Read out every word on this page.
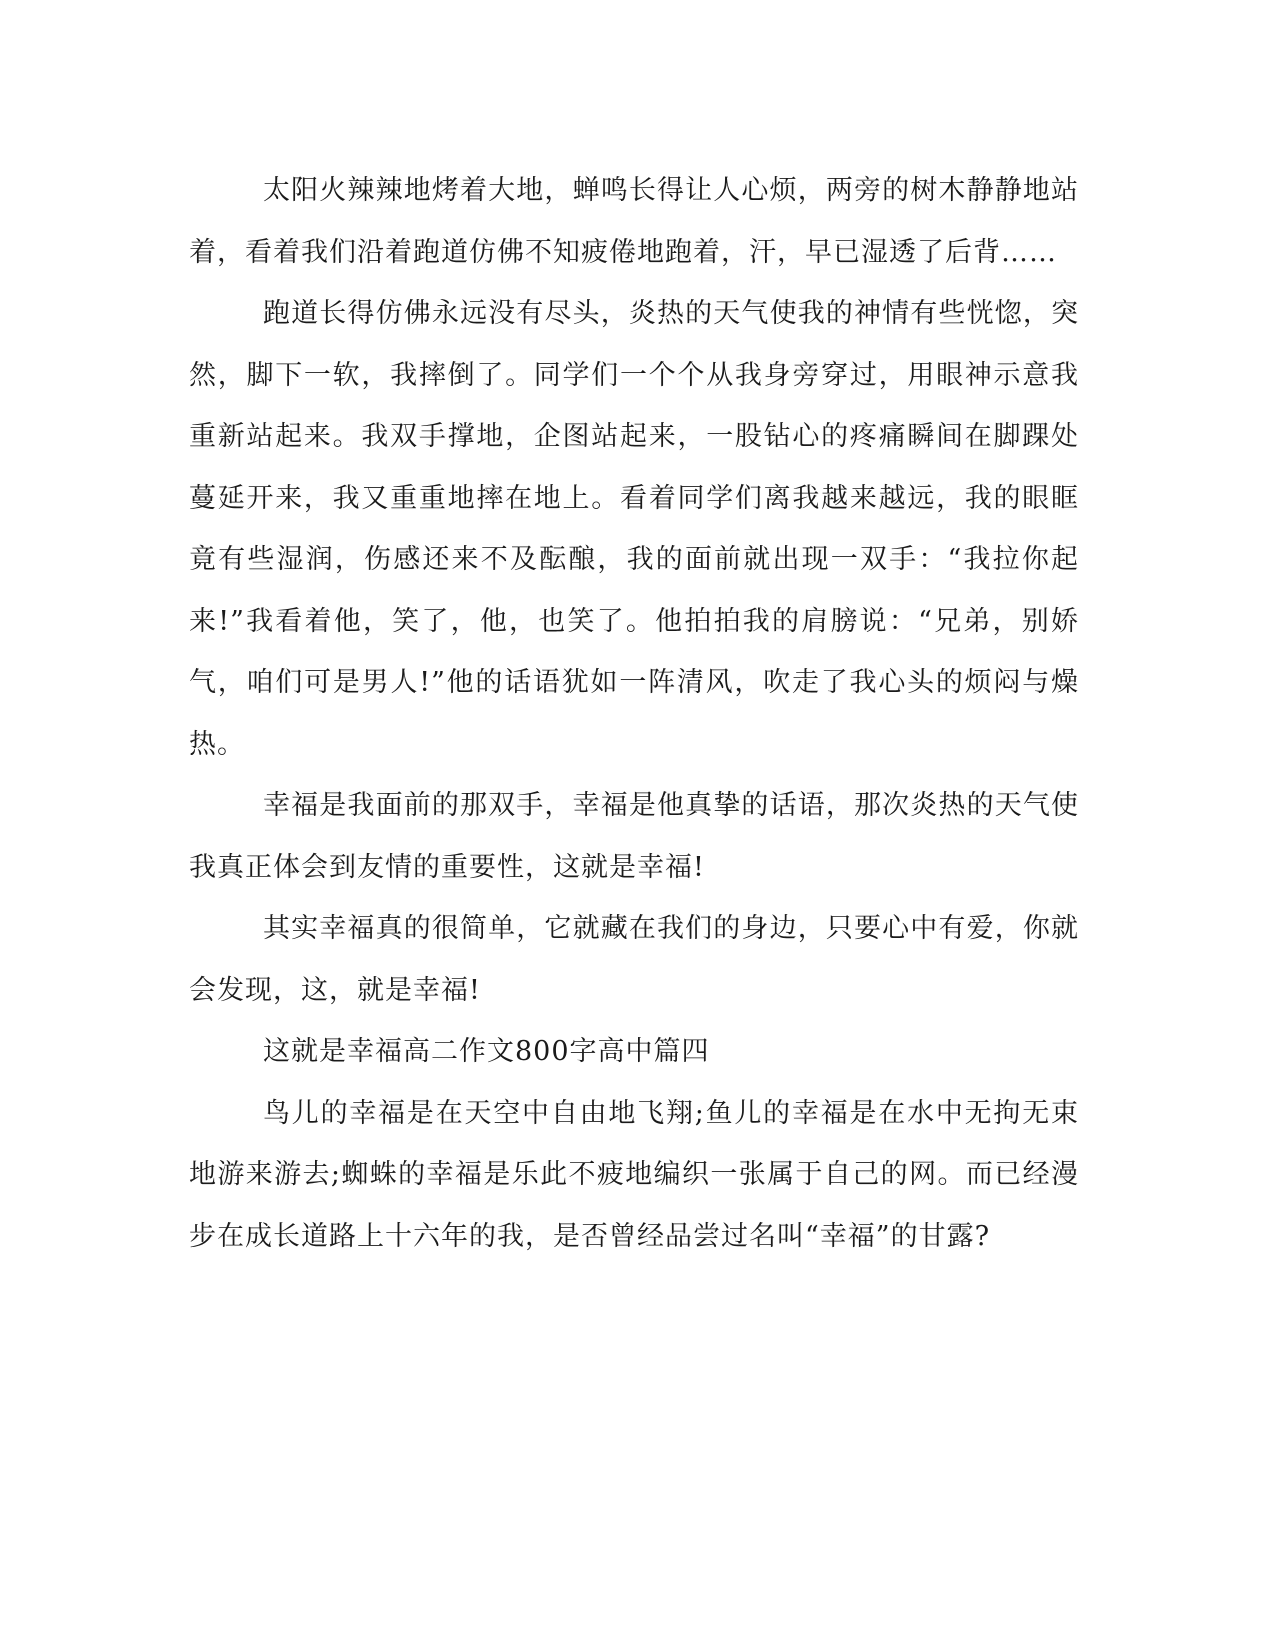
太阳火辣辣地烤着大地，蝉鸣长得让人心烦，两旁的树木静静地站着，看着我们沿着跑道仿佛不知疲倦地跑着，汗，早已湿透了后背……

跑道长得仿佛永远没有尽头，炎热的天气使我的神情有些恍惚，突然，脚下一软，我摔倒了。同学们一个个从我身旁穿过，用眼神示意我重新站起来。我双手撑地，企图站起来，一股钻心的疼痛瞬间在脚踝处蔓延开来，我又重重地摔在地上。看着同学们离我越来越远，我的眼眶竟有些湿润，伤感还来不及酝酿，我的面前就出现一双手：“我拉你起来!”我看着他，笑了，他，也笑了。他拍拍我的肩膀说：“兄弟，别娇气，咱们可是男人!”他的话语犹如一阵清风，吹走了我心头的烦闷与燥热。

幸福是我面前的那双手，幸福是他真挚的话语，那次炎热的天气使我真正体会到友情的重要性，这就是幸福!

其实幸福真的很简单，它就藏在我们的身边，只要心中有爱，你就会发现，这，就是幸福!

这就是幸福高二作文800字高中篇四

鸟儿的幸福是在天空中自由地飞翔;鱼儿的幸福是在水中无拘无束地游来游去;蜘蛛的幸福是乐此不疲地编织一张属于自己的网。而已经漫步在成长道路上十六年的我，是否曾经品尝过名叫“幸福”的甘露?
